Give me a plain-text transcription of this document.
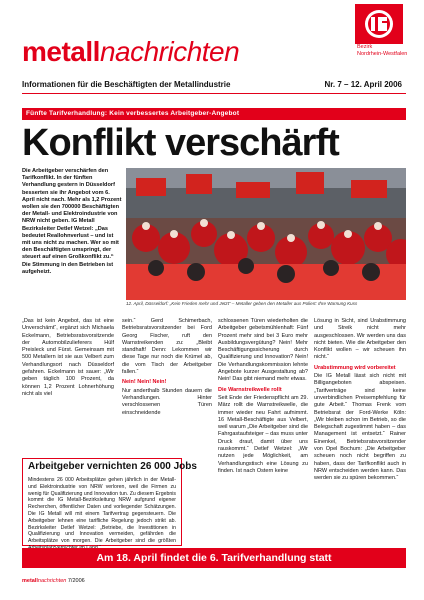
metallnachrichten	Bezirk
Nordrhein-Westfalen
Informationen für die Beschäftigten der Metallindustrie	Nr. 7 – 12. April 2006
Fünfte Tarifverhandlung: Kein verbessertes Arbeitgeber-Angebot
Konflikt verschärft
Die Arbeitgeber verschärfen den Tarifkonflikt. In der fünften Verhandlung gestern in Düsseldorf besserten sie ihr Angebot vom 6. April nicht nach. Mehr als 1,2 Prozent wollen sie den 700000 Beschäftigten der Metall- und Elektroindustrie von NRW nicht geben. IG Metall Bezirksleiter Detlef Wetzel: „Das bedeutet Reallohnverlust – und ist mit uns nicht zu machen. Wer so mit den Beschäftigten umspringt, der steuert auf einen Großkonflikt zu.“ Die Stimmung in den Betrieben ist aufgeheizt.
12. April, Düsseldorf: „Kein Frieden mehr und Jetzt“ – Metaller geben den Metaller aus Poliert: Ihre Warnung Kuss

„Das ist kein Angebot, das ist eine Unverschämt“, ergänzt sich Michaela Eckelmann, Betriebsratsvorsitzende der Automobilzulieferers Hülf Preisleck und Fürst. Gemeinsam mit 500 Metallern ist sie aus Velbert zum Verhandlungsort nach Düsseldorf gefahren. Eckelmann ist sauer: „Wir geben täglich 100 Prozent, da können 1,2 Prozent Lohnerhöhung nicht als viel

sein.“ Gerd Schimerbach, Betriebsratsvorsitzender bei Ford Georg Fischer, ruft den Warnstreikenden zu: „Bleibt standhaft! Denn: Lekommen wir diese Tage nur noch die Krümel ab, die vom Tisch der Arbeitgeber fallen.“

Nein! Nein! Nein!

Nur anderthalb Stunden dauern die Verhandlungen. Hinter verschlossenen Türen einschneidende

schlossenen Türen wiederholten die Arbeitgeber gebetsmühlenhaft: Fünf Prozent mehr sind bei 3 Euro mehr Ausbildungsvergütung? Nein! Mehr Beschäftigungssicherung durch Qualifizierung und Innovation? Nein! Die Verhandlungskommission lehnte Angebote kurzer Ausgestaltung ab? Nein! Das gibt niemand mehr etwas.

Die Warnstreikwelle rollt

Seit Ende der Friedenspflicht am 29. März rollt die Warnstreikwelle, die immer wieder neu Fahrt aufnimmt. 16 Metall-Beschäftigte aus Velbert, weil warum „Die Arbeitgeber sind die Fahrgastaufsteiger – das muss unter Druck drauf, damit über uns rauskommt.“ Detlef Wetzel: „Wir nutzen jede Möglichkeit, am Verhandlungstisch eine Lösung zu finden. Ist nach Ostern keine

Lösung in Sicht, sind Urabstimmung und Streik nicht mehr ausgeschlossen. Wir werden uns das nicht bieten. Wie die Arbeitgeber den Konflikt wollen – wir scheuen ihn nicht.“

Urabstimmung wird vorbereitet

Die IG Metall lässt sich nicht mit Billigangeboten abspeisen. „Tarifverträge sind keine unverbindlichen Preisempfehlung für gute Arbeit.“ Thomas Frenk vom Betriebsrat der Ford-Werke Köln: „Wir bleiben schon im Betrieb, so die Belegschaft zugestimmt haben – das Management ist entsetzt.“ Rainer Einenkel, Betriebsratsvorsitzender von Opel Bochum: „Die Arbeitgeber scheuen noch nicht begriffen zu haben, dass der Tarifkonflikt auch in NRW entscheiden werden kann. Das werden sie zu spüren bekommen.“

Arbeitgeber vernichten 26 000 Jobs
Mindestens 26 000 Arbeitsplätze gehen jährlich in der Metall- und Elektroindustrie von NRW verloren, weil die Firmen zu wenig für Qualifizierung und Innovation tun. Zu diesem Ergebnis kommt die IG Metall-Bezirksleitung NRW aufgrund eigener Recherchen, öffentlicher Daten und vorliegender Schätzungen. Die IG Metall will mit einem Tarifvertrag gegensteuern. Die Arbeitgeber lehnen eine tarifliche Regelung jedoch strikt ab. Bezirksleiter Detlef Wetzel: „Betriebe, die Investitionen in Qualifizierung und Innovation vermeiden, gefährden die Arbeitsplätze von morgen. Die Arbeitgeber sind die größten
Am 18. April findet die 6. Tarifverhandlung statt
metallnachrichten 7/2006
